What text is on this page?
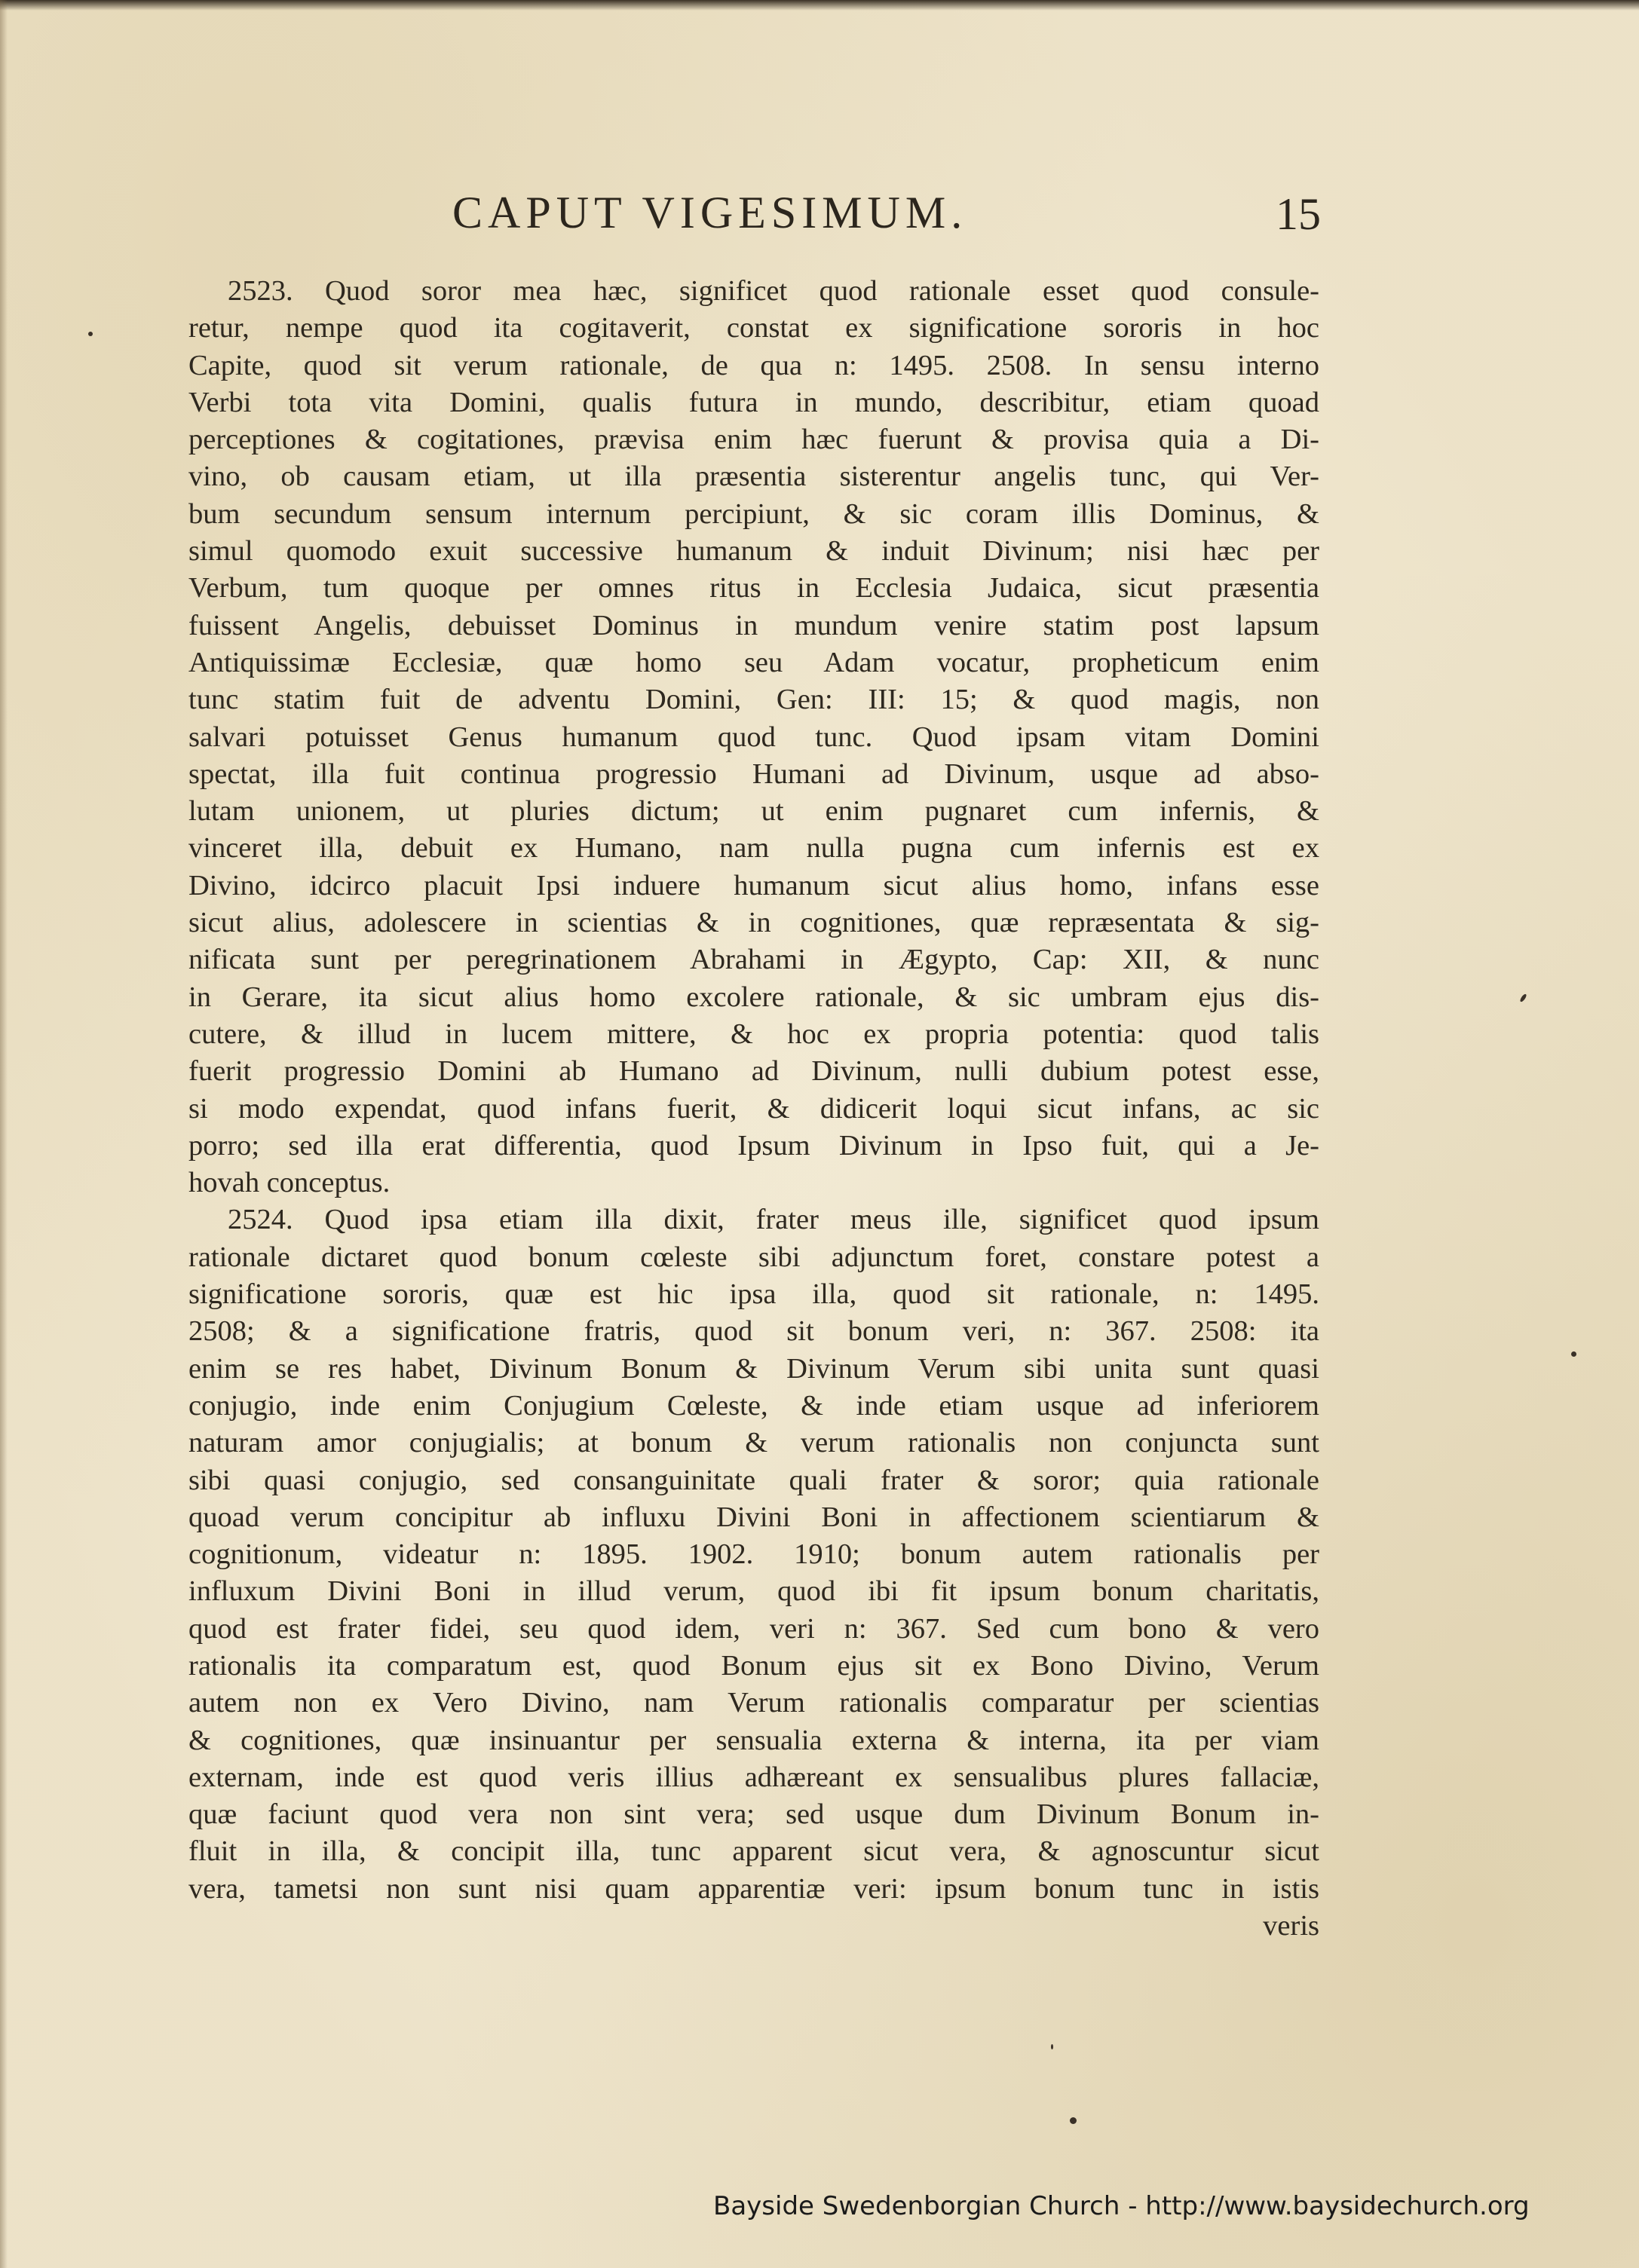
CAPUT VIGESIMUM.	15
2523. Quod soror mea hæc, significet quod rationale esset quod consule-
retur, nempe quod ita cogitaverit, constat ex significatione sororis in hoc
Capite, quod sit verum rationale, de qua n: 1495. 2508. In sensu interno
Verbi tota vita Domini, qualis futura in mundo, describitur, etiam quoad
perceptiones & cogitationes, prævisa enim hæc fuerunt & provisa quia a Di-
vino, ob causam etiam, ut illa præsentia sisterentur angelis tunc, qui Ver-
bum secundum sensum internum percipiunt, & sic coram illis Dominus, &
simul quomodo exuit successive humanum & induit Divinum; nisi hæc per
Verbum, tum quoque per omnes ritus in Ecclesia Judaica, sicut præsentia
fuissent Angelis, debuisset Dominus in mundum venire statim post lapsum
Antiquissimæ Ecclesiæ, quæ homo seu Adam vocatur, propheticum enim
tunc statim fuit de adventu Domini, Gen: III: 15; & quod magis, non
salvari potuisset Genus humanum quod tunc. Quod ipsam vitam Domini
spectat, illa fuit continua progressio Humani ad Divinum, usque ad abso-
lutam unionem, ut pluries dictum; ut enim pugnaret cum infernis, &
vinceret illa, debuit ex Humano, nam nulla pugna cum infernis est ex
Divino, idcirco placuit Ipsi induere humanum sicut alius homo, infans esse
sicut alius, adolescere in scientias & in cognitiones, quæ repræsentata & sig-
nificata sunt per peregrinationem Abrahami in Ægypto, Cap: XII, & nunc
in Gerare, ita sicut alius homo excolere rationale, & sic umbram ejus dis-
cutere, & illud in lucem mittere, & hoc ex propria potentia: quod talis
fuerit progressio Domini ab Humano ad Divinum, nulli dubium potest esse,
si modo expendat, quod infans fuerit, & didicerit loqui sicut infans, ac sic
porro; sed illa erat differentia, quod Ipsum Divinum in Ipso fuit, qui a Je-
hovah conceptus.
2524. Quod ipsa etiam illa dixit, frater meus ille, significet quod ipsum
rationale dictaret quod bonum cœleste sibi adjunctum foret, constare potest a
significatione sororis, quæ est hic ipsa illa, quod sit rationale, n: 1495.
2508; & a significatione fratris, quod sit bonum veri, n: 367. 2508: ita
enim se res habet, Divinum Bonum & Divinum Verum sibi unita sunt quasi
conjugio, inde enim Conjugium Cœleste, & inde etiam usque ad inferiorem
naturam amor conjugialis; at bonum & verum rationalis non conjuncta sunt
sibi quasi conjugio, sed consanguinitate quali frater & soror; quia rationale
quoad verum concipitur ab influxu Divini Boni in affectionem scientiarum &
cognitionum, videatur n: 1895. 1902. 1910; bonum autem rationalis per
influxum Divini Boni in illud verum, quod ibi fit ipsum bonum charitatis,
quod est frater fidei, seu quod idem, veri n: 367. Sed cum bono & vero
rationalis ita comparatum est, quod Bonum ejus sit ex Bono Divino, Verum
autem non ex Vero Divino, nam Verum rationalis comparatur per scientias
& cognitiones, quæ insinuantur per sensualia externa & interna, ita per viam
externam, inde est quod veris illius adhæreant ex sensualibus plures fallaciæ,
quæ faciunt quod vera non sint vera; sed usque dum Divinum Bonum in-
fluit in illa, & concipit illa, tunc apparent sicut vera, & agnoscuntur sicut
vera, tametsi non sunt nisi quam apparentiæ veri: ipsum bonum tunc in istis
veris
Bayside Swedenborgian Church - http://www.baysidechurch.org
